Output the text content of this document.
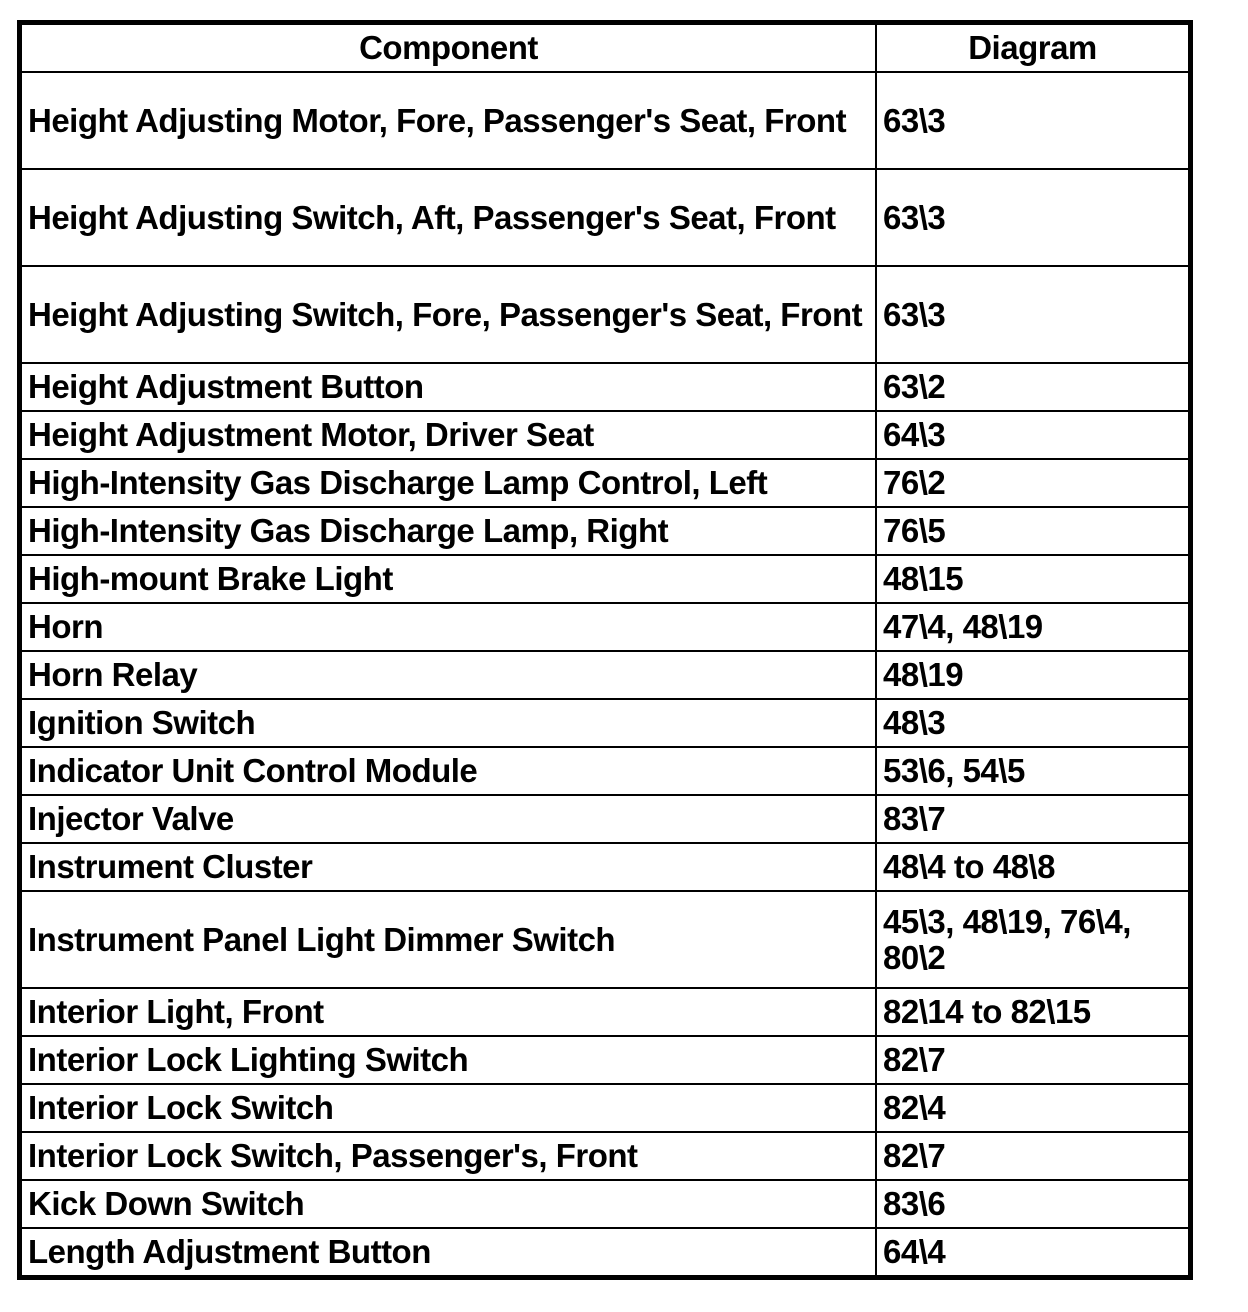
Component	Diagram
Height Adjusting Motor, Fore, Passenger's Seat, Front	63\3
Height Adjusting Switch, Aft, Passenger's Seat, Front	63\3
Height Adjusting Switch, Fore, Passenger's Seat, Front	63\3
Height Adjustment Button	63\2
Height Adjustment Motor, Driver Seat	64\3
High-Intensity Gas Discharge Lamp Control, Left	76\2
High-Intensity Gas Discharge Lamp, Right	76\5
High-mount Brake Light	48\15
Horn	47\4, 48\19
Horn Relay	48\19
Ignition Switch	48\3
Indicator Unit Control Module	53\6, 54\5
Injector Valve	83\7
Instrument Cluster	48\4 to 48\8
Instrument Panel Light Dimmer Switch	45\3, 48\19, 76\4, 80\2
Interior Light, Front	82\14 to 82\15
Interior Lock Lighting Switch	82\7
Interior Lock Switch	82\4
Interior Lock Switch, Passenger's, Front	82\7
Kick Down Switch	83\6
Length Adjustment Button	64\4
